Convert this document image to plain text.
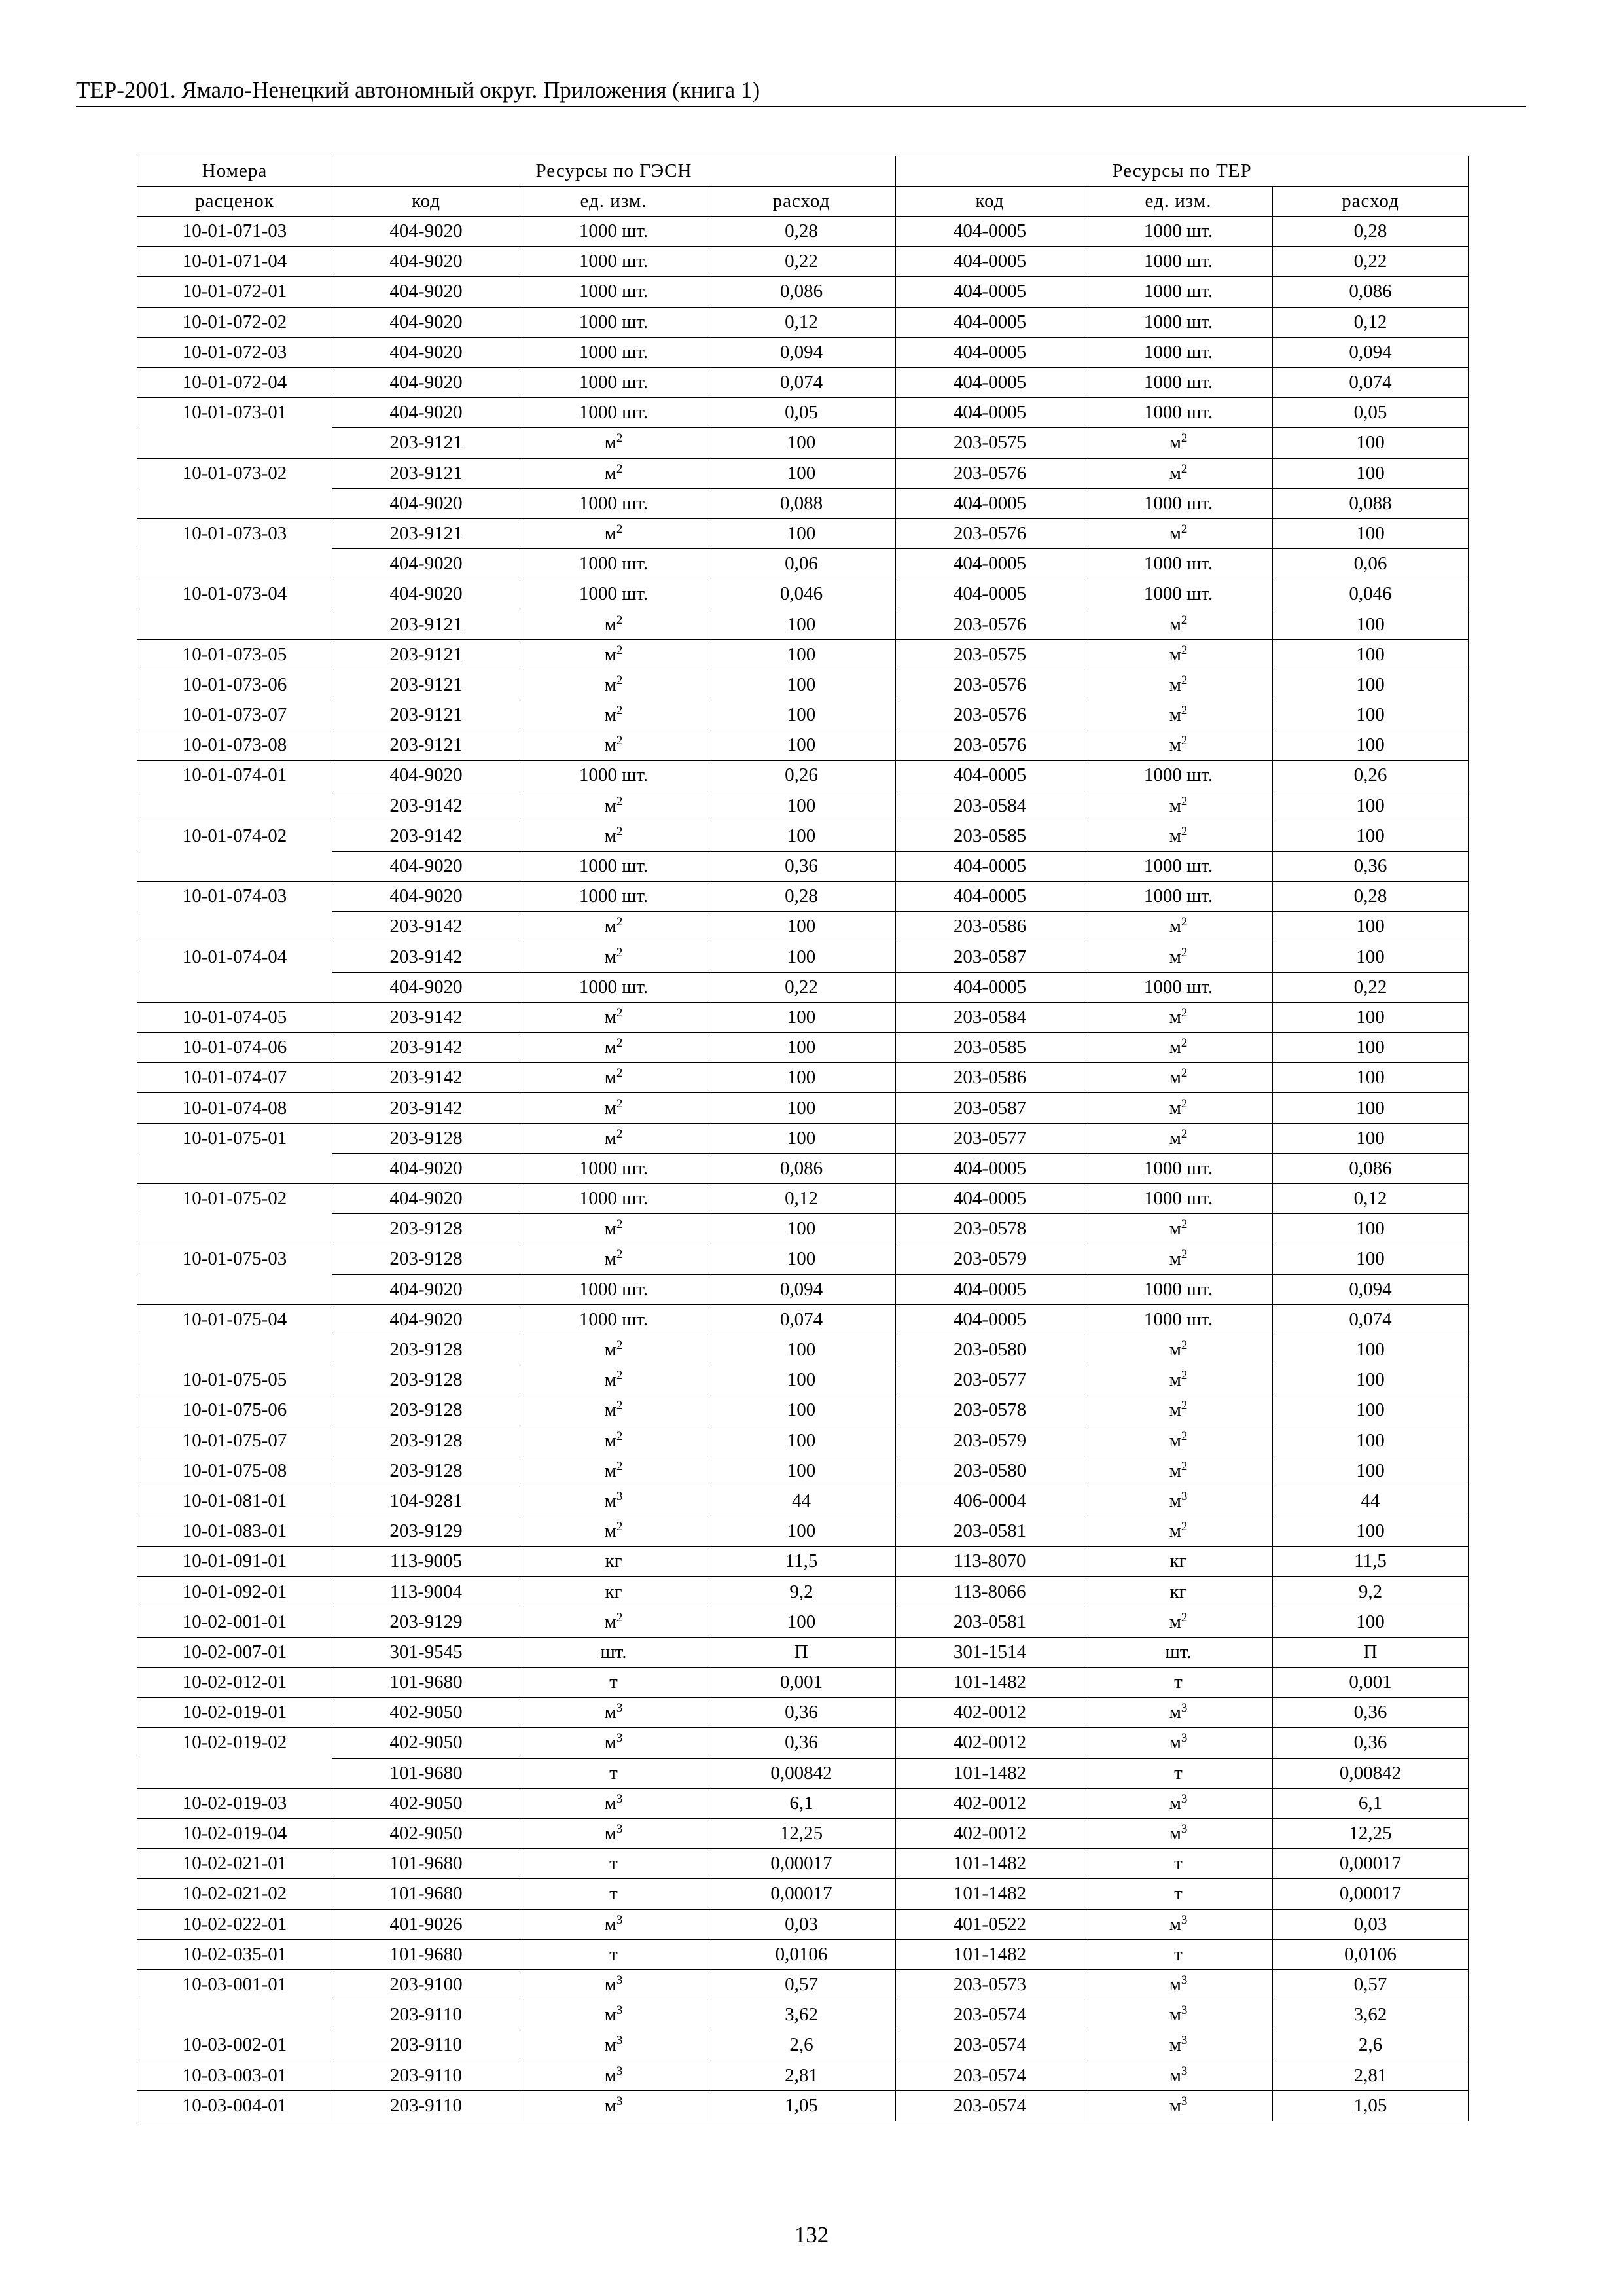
ТЕР-2001. Ямало-Ненецкий автономный округ. Приложения (книга 1)
Номера	Ресурсы по ГЭСН			Ресурсы по ТЕР		
расценок	код	ед. изм.	расход	код	ед. изм.	расход
10-01-071-03	404-9020	1000 шт.	0,28	404-0005	1000 шт.	0,28
10-01-071-04	404-9020	1000 шт.	0,22	404-0005	1000 шт.	0,22
10-01-072-01	404-9020	1000 шт.	0,086	404-0005	1000 шт.	0,086
10-01-072-02	404-9020	1000 шт.	0,12	404-0005	1000 шт.	0,12
10-01-072-03	404-9020	1000 шт.	0,094	404-0005	1000 шт.	0,094
10-01-072-04	404-9020	1000 шт.	0,074	404-0005	1000 шт.	0,074
10-01-073-01	404-9020	1000 шт.	0,05	404-0005	1000 шт.	0,05
	203-9121	$м^2$	100	203-0575	$м^2$	100
10-01-073-02	203-9121	$м^2$	100	203-0576	$м^2$	100
	404-9020	1000 шт.	0,088	404-0005	1000 шт.	0,088
10-01-073-03	203-9121	$м^2$	100	203-0576	$м^2$	100
	404-9020	1000 шт.	0,06	404-0005	1000 шт.	0,06
10-01-073-04	404-9020	1000 шт.	0,046	404-0005	1000 шт.	0,046
	203-9121	$м^2$	100	203-0576	$м^2$	100
10-01-073-05	203-9121	$м^2$	100	203-0575	$м^2$	100
10-01-073-06	203-9121	$м^2$	100	203-0576	$м^2$	100
10-01-073-07	203-9121	$м^2$	100	203-0576	$м^2$	100
10-01-073-08	203-9121	$м^2$	100	203-0576	$м^2$	100
10-01-074-01	404-9020	1000 шт.	0,26	404-0005	1000 шт.	0,26
	203-9142	$м^2$	100	203-0584	$м^2$	100
10-01-074-02	203-9142	$м^2$	100	203-0585	$м^2$	100
	404-9020	1000 шт.	0,36	404-0005	1000 шт.	0,36
10-01-074-03	404-9020	1000 шт.	0,28	404-0005	1000 шт.	0,28
	203-9142	$м^2$	100	203-0586	$м^2$	100
10-01-074-04	203-9142	$м^2$	100	203-0587	$м^2$	100
	404-9020	1000 шт.	0,22	404-0005	1000 шт.	0,22
10-01-074-05	203-9142	$м^2$	100	203-0584	$м^2$	100
10-01-074-06	203-9142	$м^2$	100	203-0585	$м^2$	100
10-01-074-07	203-9142	$м^2$	100	203-0586	$м^2$	100
10-01-074-08	203-9142	$м^2$	100	203-0587	$м^2$	100
10-01-075-01	203-9128	$м^2$	100	203-0577	$м^2$	100
	404-9020	1000 шт.	0,086	404-0005	1000 шт.	0,086
10-01-075-02	404-9020	1000 шт.	0,12	404-0005	1000 шт.	0,12
	203-9128	$м^2$	100	203-0578	$м^2$	100
10-01-075-03	203-9128	$м^2$	100	203-0579	$м^2$	100
	404-9020	1000 шт.	0,094	404-0005	1000 шт.	0,094
10-01-075-04	404-9020	1000 шт.	0,074	404-0005	1000 шт.	0,074
	203-9128	$м^2$	100	203-0580	$м^2$	100
10-01-075-05	203-9128	$м^2$	100	203-0577	$м^2$	100
10-01-075-06	203-9128	$м^2$	100	203-0578	$м^2$	100
10-01-075-07	203-9128	$м^2$	100	203-0579	$м^2$	100
10-01-075-08	203-9128	$м^2$	100	203-0580	$м^2$	100
10-01-081-01	104-9281	$м^3$	44	406-0004	$м^3$	44
10-01-083-01	203-9129	$м^2$	100	203-0581	$м^2$	100
10-01-091-01	113-9005	кг	11,5	113-8070	кг	11,5
10-01-092-01	113-9004	кг	9,2	113-8066	кг	9,2
10-02-001-01	203-9129	$м^2$	100	203-0581	$м^2$	100
10-02-007-01	301-9545	шт.	П	301-1514	шт.	П
10-02-012-01	101-9680	т	0,001	101-1482	т	0,001
10-02-019-01	402-9050	$м^3$	0,36	402-0012	$м^3$	0,36
10-02-019-02	402-9050	$м^3$	0,36	402-0012	$м^3$	0,36
	101-9680	т	0,00842	101-1482	т	0,00842
10-02-019-03	402-9050	$м^3$	6,1	402-0012	$м^3$	6,1
10-02-019-04	402-9050	$м^3$	12,25	402-0012	$м^3$	12,25
10-02-021-01	101-9680	т	0,00017	101-1482	т	0,00017
10-02-021-02	101-9680	т	0,00017	101-1482	т	0,00017
10-02-022-01	401-9026	$м^3$	0,03	401-0522	$м^3$	0,03
10-02-035-01	101-9680	т	0,0106	101-1482	т	0,0106
10-03-001-01	203-9100	$м^3$	0,57	203-0573	$м^3$	0,57
	203-9110	$м^3$	3,62	203-0574	$м^3$	3,62
10-03-002-01	203-9110	$м^3$	2,6	203-0574	$м^3$	2,6
10-03-003-01	203-9110	$м^3$	2,81	203-0574	$м^3$	2,81
10-03-004-01	203-9110	$м^3$	1,05	203-0574	$м^3$	1,05
132
